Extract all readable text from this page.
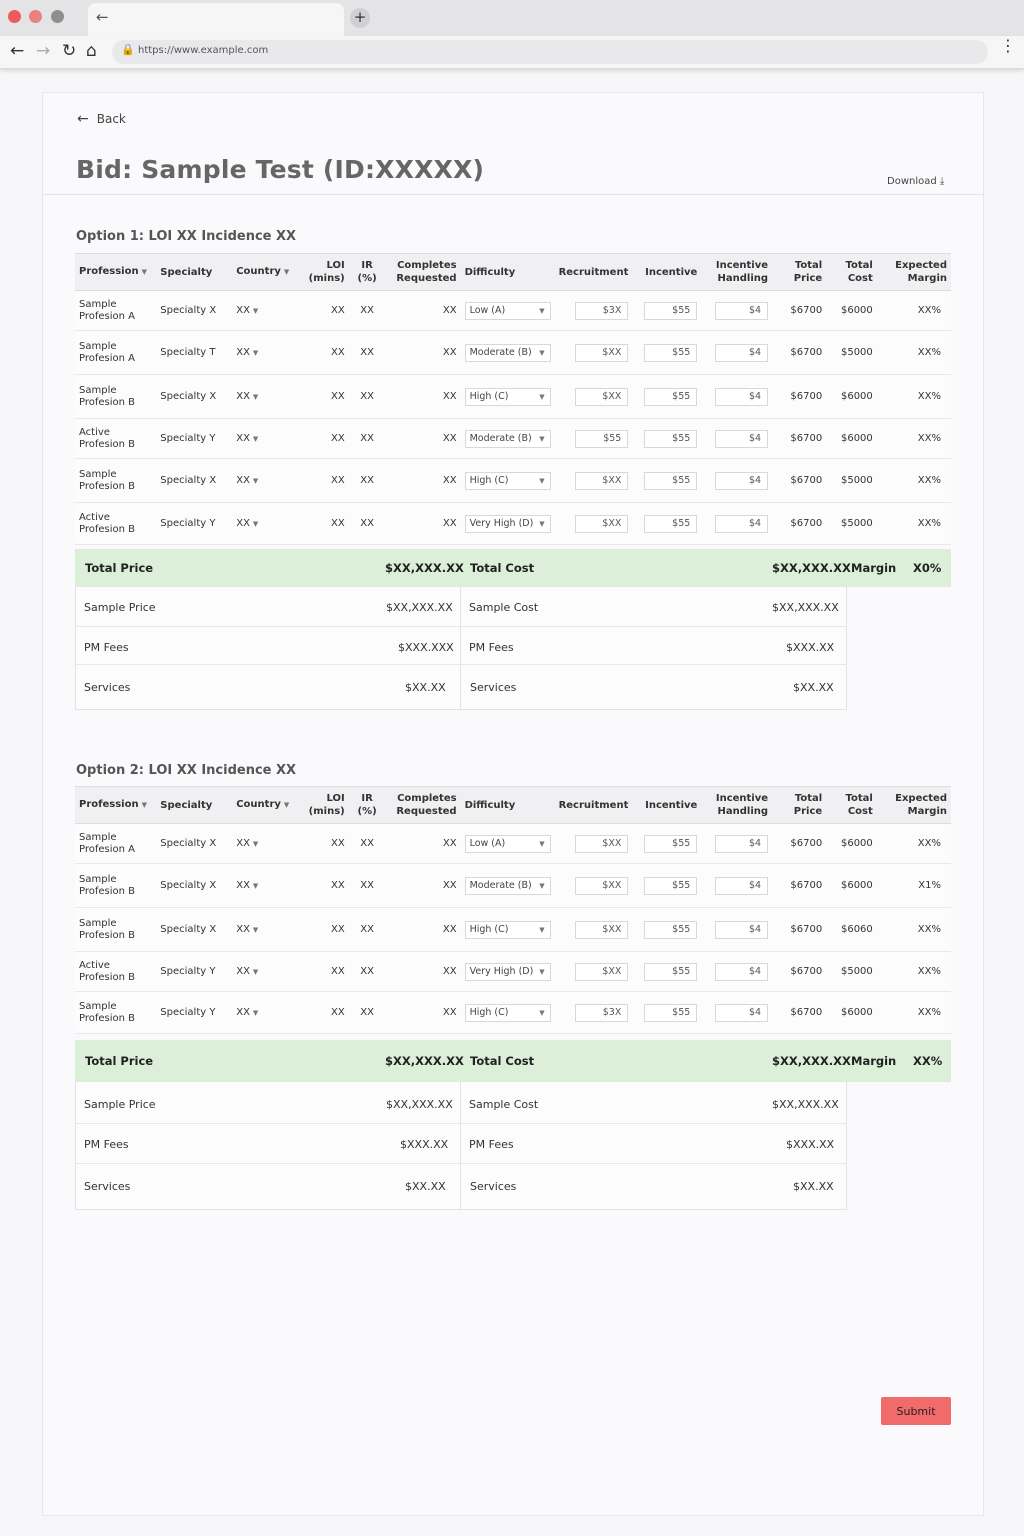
←	+
← → ↻ ⌂ 🔒 https://www.example.com	⋮
← Back
Bid: Sample Test (ID:XXXXX)	Download ⤓
Option 1: LOI XX Incidence XX
Profession ▼	Specialty	Country ▼	LOI (mins)	IR (%)	Completes Requested	Difficulty	Recruitment	Incentive	Incentive Handling	Total Price	Total Cost	Expected Margin
Sample
Profesion A	Specialty X	XX ▼	XX	XX	XX	Low (A) ▼	$3X	$55	$4	$6700	$6000	XX%
Sample
Profesion A	Specialty T	XX ▼	XX	XX	XX	Moderate (B) ▼	$XX	$55	$4	$6700	$5000	XX%
Sample
Profesion B	Specialty X	XX ▼	XX	XX	XX	High (C) ▼	$XX	$55	$4	$6700	$6000	XX%
Active
Profesion B	Specialty Y	XX ▼	XX	XX	XX	Moderate (B) ▼	$55	$55	$4	$6700	$6000	XX%
Sample
Profesion B	Specialty X	XX ▼	XX	XX	XX	High (C) ▼	$XX	$55	$4	$6700	$5000	XX%
Active
Profesion B	Specialty Y	XX ▼	XX	XX	XX	Very High (D) ▼	$XX	$55	$4	$6700	$5000	XX%
Total Price	$XX,XXX.XX Total Cost	$XX,XXX.XX Margin X0%
Sample Price	$XX,XXX.XX Sample Cost	$XX,XXX.XX
PM Fees	$XXX.XXX PM Fees	$XXX.XX
Services	$XX.XX Services	$XX.XX
Option 2: LOI XX Incidence XX
Profession ▼	Specialty	Country ▼	LOI (mins)	IR (%)	Completes Requested	Difficulty	Recruitment	Incentive	Incentive Handling	Total Price	Total Cost	Expected Margin
Sample
Profesion A	Specialty X	XX ▼	XX	XX	XX	Low (A) ▼	$XX	$55	$4	$6700	$6000	XX%
Sample
Profesion B	Specialty X	XX ▼	XX	XX	XX	Moderate (B) ▼	$XX	$55	$4	$6700	$6000	X1%
Sample
Profesion B	Specialty X	XX ▼	XX	XX	XX	High (C) ▼	$XX	$55	$4	$6700	$6060	XX%
Active
Profesion B	Specialty Y	XX ▼	XX	XX	XX	Very High (D) ▼	$XX	$55	$4	$6700	$5000	XX%
Sample
Profesion B	Specialty Y	XX ▼	XX	XX	XX	High (C) ▼	$3X	$55	$4	$6700	$6000	XX%
Total Price	$XX,XXX.XX Total Cost	$XX,XXX.XX Margin XX%
Sample Price	$XX,XXX.XX Sample Cost	$XX,XXX.XX
PM Fees	$XXX.XX PM Fees	$XXX.XX
Services	$XX.XX Services	$XX.XX
Submit
